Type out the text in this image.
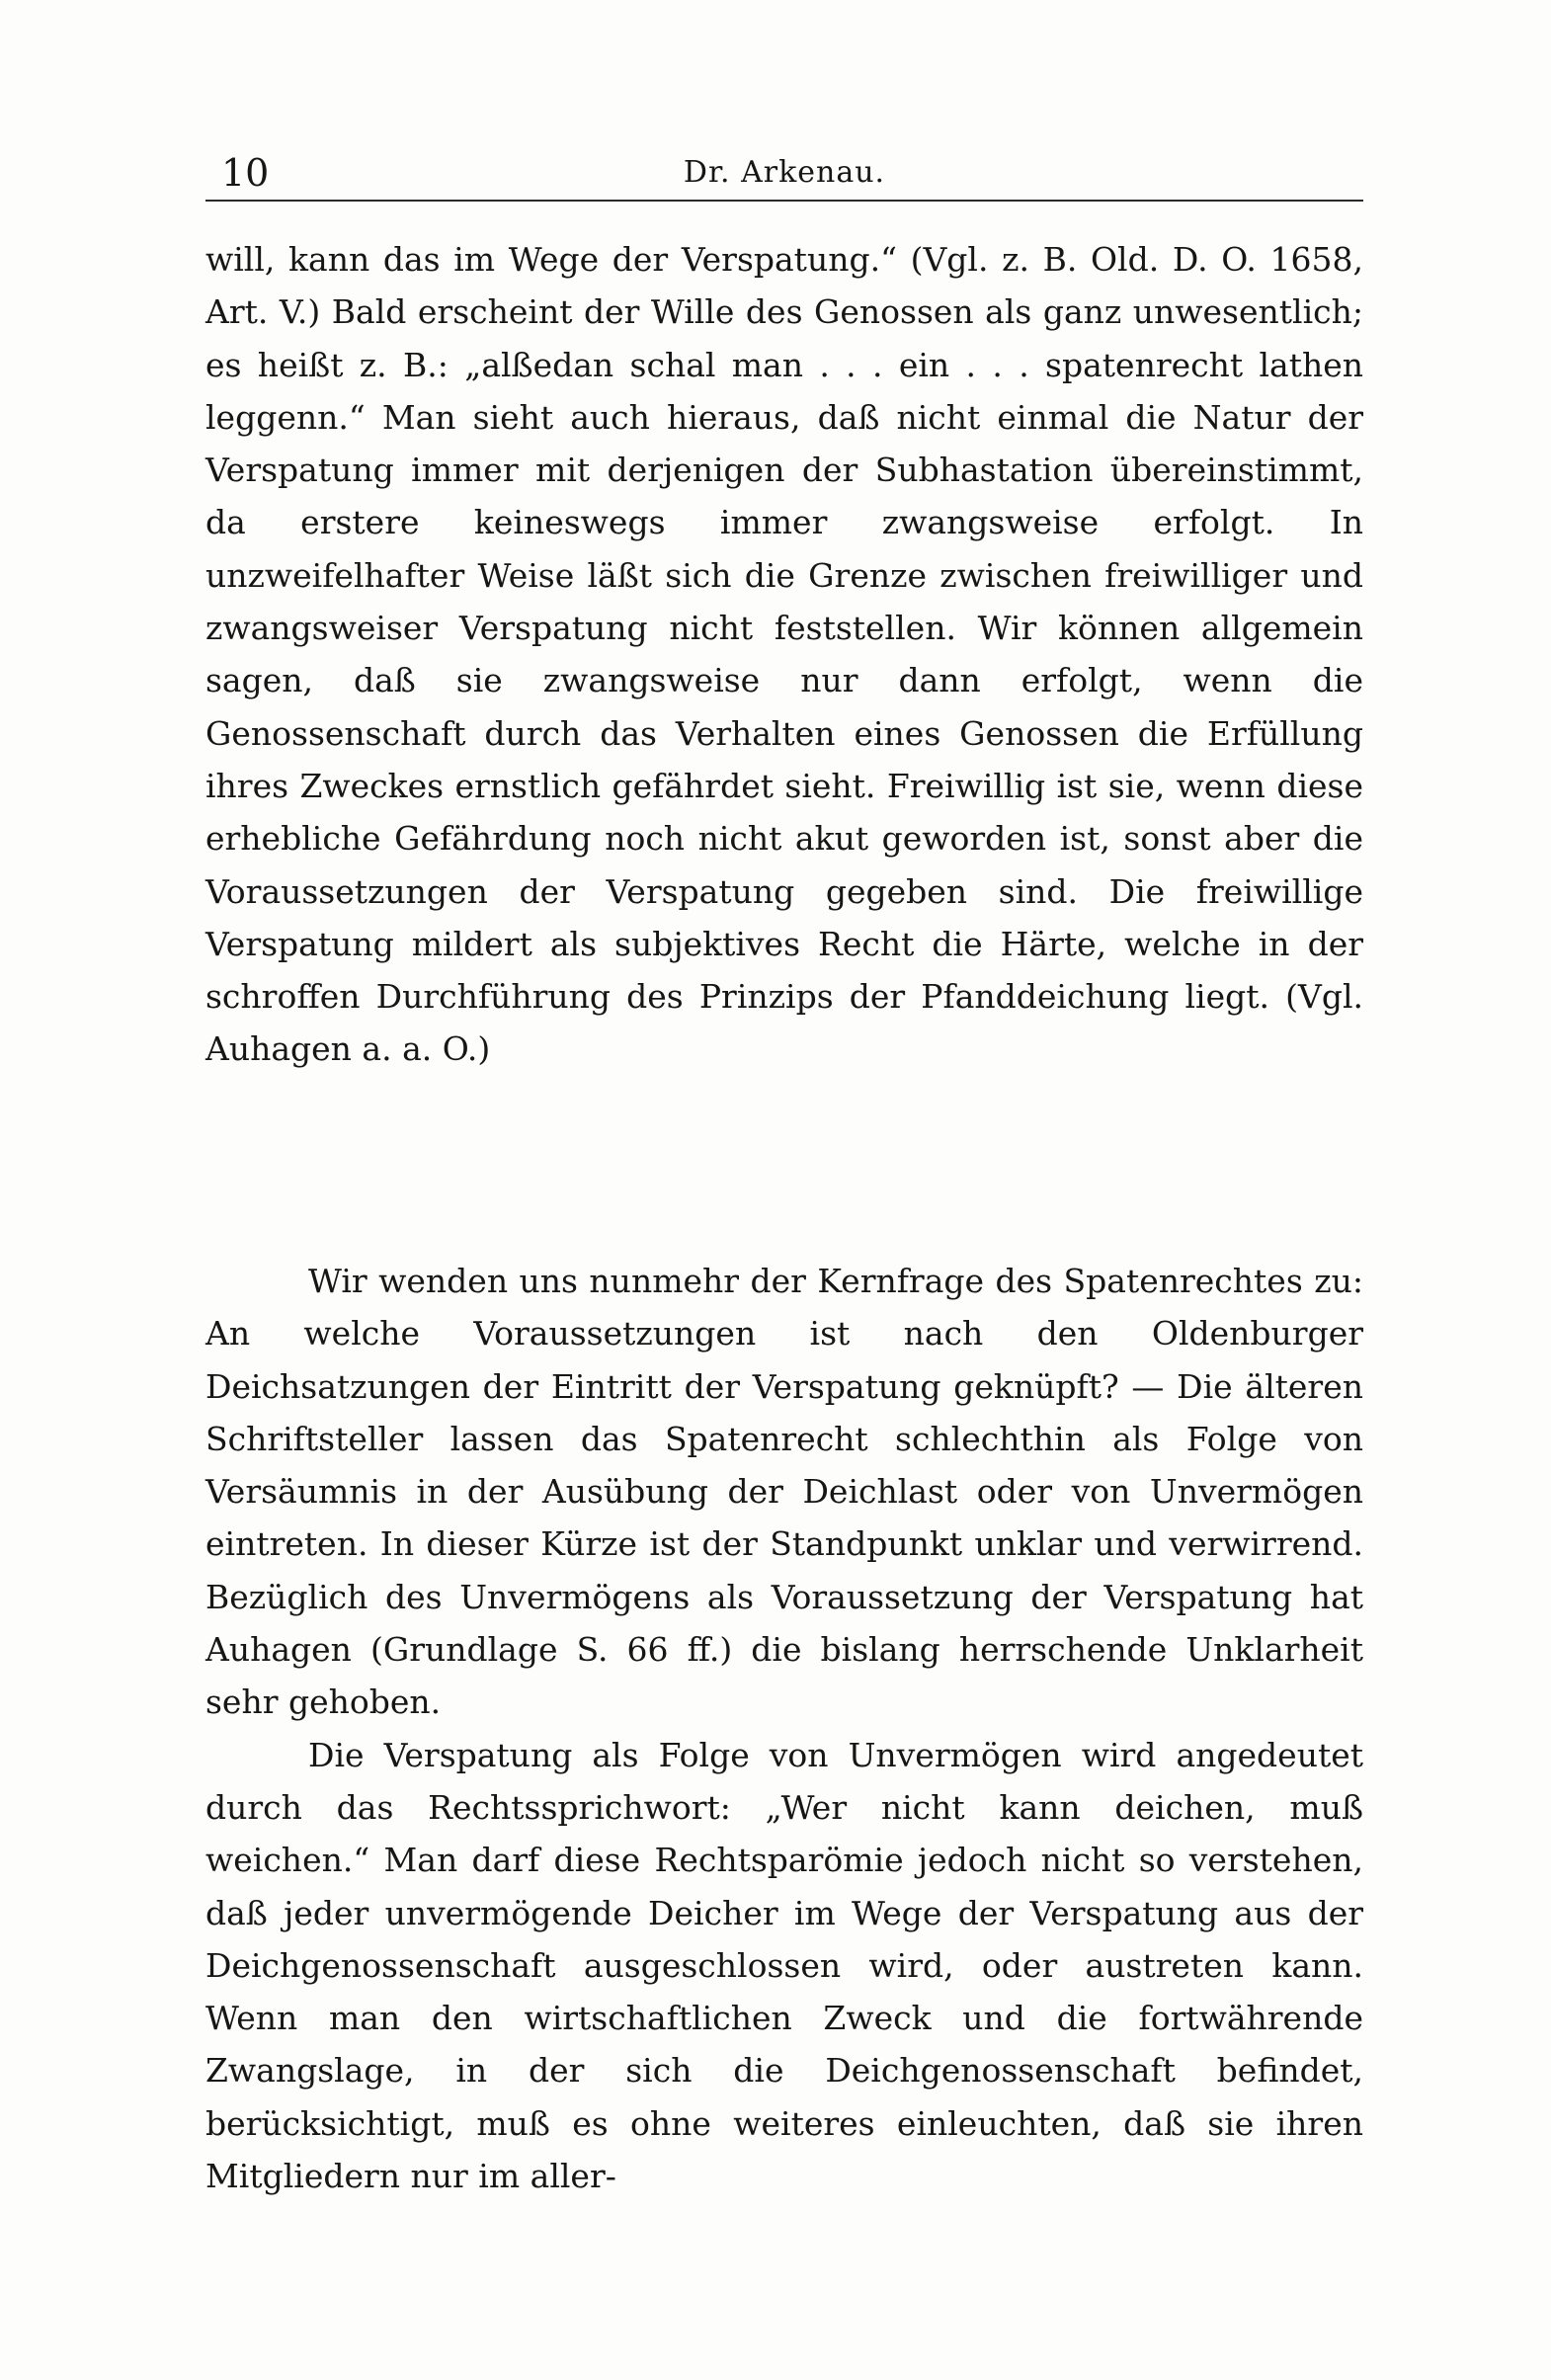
10	Dr. Arkenau.

will, kann das im Wege der Verspatung.“ (Vgl. z. B. Old. D. O. 1658, Art. V.) Bald erscheint der Wille des Genossen als ganz unwesentlich; es heißt z. B.: „alßedan schal man . . . ein . . . spatenrecht lathen leggenn.“ Man sieht auch hieraus, daß nicht einmal die Natur der Verspatung immer mit derjenigen der Subhastation übereinstimmt, da erstere keineswegs immer zwangsweise erfolgt. In unzweifelhafter Weise läßt sich die Grenze zwischen freiwilliger und zwangsweiser Verspatung nicht feststellen. Wir können allgemein sagen, daß sie zwangsweise nur dann erfolgt, wenn die Genossenschaft durch das Verhalten eines Genossen die Erfüllung ihres Zweckes ernstlich gefährdet sieht. Freiwillig ist sie, wenn diese erhebliche Gefährdung noch nicht akut geworden ist, sonst aber die Voraussetzungen der Verspatung gegeben sind. Die freiwillige Verspatung mildert als subjektives Recht die Härte, welche in der schroffen Durchführung des Prinzips der Pfanddeichung liegt. (Vgl. Auhagen a. a. O.)

Wir wenden uns nunmehr der Kernfrage des Spatenrechtes zu: An welche Voraussetzungen ist nach den Oldenburger Deichsatzungen der Eintritt der Verspatung geknüpft? — Die älteren Schriftsteller lassen das Spatenrecht schlechthin als Folge von Versäumnis in der Ausübung der Deichlast oder von Unvermögen eintreten. In dieser Kürze ist der Standpunkt unklar und verwirrend. Bezüglich des Unvermögens als Voraussetzung der Verspatung hat Auhagen (Grundlage S. 66 ff.) die bislang herrschende Unklarheit sehr gehoben.

Die Verspatung als Folge von Unvermögen wird angedeutet durch das Rechtssprichwort: „Wer nicht kann deichen, muß weichen.“ Man darf diese Rechtsparömie jedoch nicht so verstehen, daß jeder unvermögende Deicher im Wege der Verspatung aus der Deichgenossenschaft ausgeschlossen wird, oder austreten kann. Wenn man den wirtschaftlichen Zweck und die fortwährende Zwangslage, in der sich die Deichgenossenschaft befindet, berücksichtigt, muß es ohne weiteres einleuchten, daß sie ihren Mitgliedern nur im aller-
